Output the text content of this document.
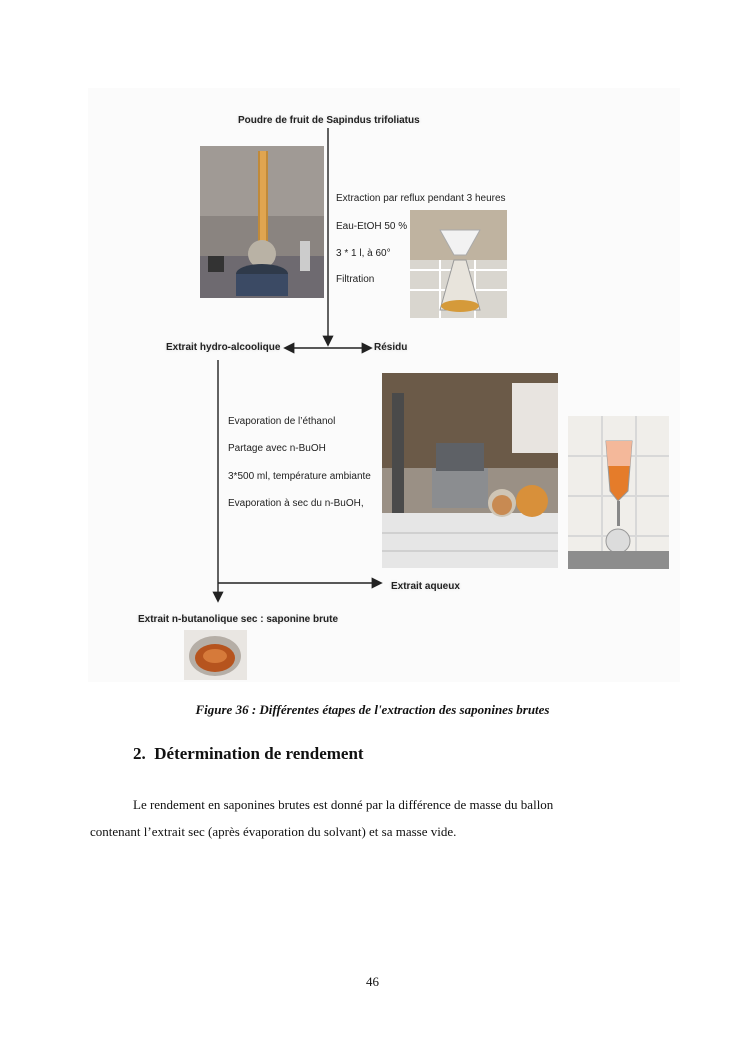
Poudre de fruit de Sapindus trifoliatus
Extraction par reflux pendant 3 heures
Eau-EtOH 50 %
3 * 1 l, à 60°
Filtration
Extrait hydro-alcoolique	Résidu
Evaporation de l’éthanol
Partage avec n-BuOH
3*500 ml, température ambiante
Evaporation à sec du n-BuOH,
Extrait aqueux
Extrait n-butanolique sec : saponine brute
Figure 36 : Différentes étapes de l'extraction des saponines brutes
2. Détermination de rendement
Le rendement en saponines brutes est donné par la différence de masse du ballon
contenant l’extrait sec (après évaporation du solvant) et sa masse vide.
46
